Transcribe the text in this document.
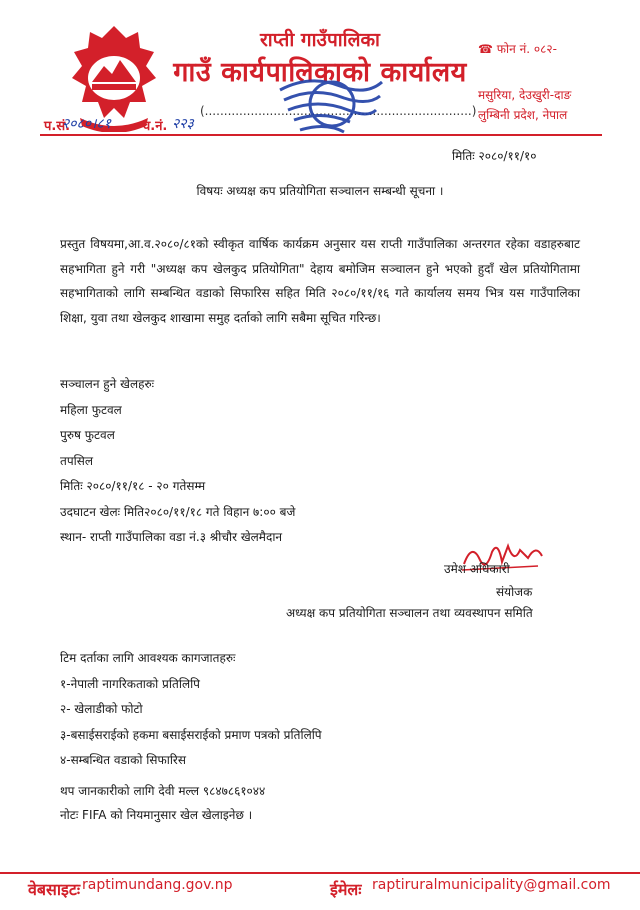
राप्ती गाउँपालिका
गाउँ कार्यपालिकाको कार्यालय
☎ फोन नं. ०८२-
मसुरिया, देउखुरी-दाङ
लुम्बिनी प्रदेश, नेपाल
(......................................................................)
प.सं.
२०८०।८१ च.नं. २२३
मितिः २०८०/११/१०
विषयः अध्यक्ष कप प्रतियोगिता सञ्चालन सम्बन्धी सूचना ।

प्रस्तुत विषयमा,आ.व.२०८०/८१को स्वीकृत वार्षिक कार्यक्रम अनुसार यस राप्ती गाउँपालिका अन्तरगत रहेका वडाहरुबाट सहभागिता हुने गरी "अध्यक्ष कप खेलकुद प्रतियोगिता" देहाय बमोजिम सञ्चालन हुने भएको हुदाँ खेल प्रतियोगितामा सहभागिताको लागि सम्बन्धित वडाको सिफारिस सहित मिति २०८०/११/१६ गते कार्यालय समय भित्र यस गाउँपालिका शिक्षा, युवा तथा खेलकुद शाखामा समुह दर्ताको लागि सबैमा सूचित गरिन्छ।

सञ्चालन हुने खेलहरुः
महिला फुटवल
पुरुष फुटवल
तपसिल
मितिः २०८०/११/१८ - २० गतेसम्म
उदघाटन खेलः मिति२०८०/११/१८ गते विहान ७:०० बजे
स्थान- राप्ती गाउँपालिका वडा नं.३ श्रीचौर खेलमैदान
उमेश अधिकारी
संयोजक
अध्यक्ष कप प्रतियोगिता सञ्चालन तथा व्यवस्थापन समिति
टिम दर्ताका लागि आवश्यक कागजातहरुः
१-नेपाली नागरिकताको प्रतिलिपि
२- खेलाडीको फोटो
३-बसाईसराईको हकमा बसाईसराईको प्रमाण पत्रको प्रतिलिपि
४-सम्बन्धित वडाको सिफारिस
थप जानकारीको लागि देवी मल्ल ९८४७८६१०४४
नोटः FIFA को नियमानुसार खेल खेलाइनेछ ।
वेबसाइटः raptimundang.gov.np	ईमेलः raptiruralmunicipality@gmail.com
